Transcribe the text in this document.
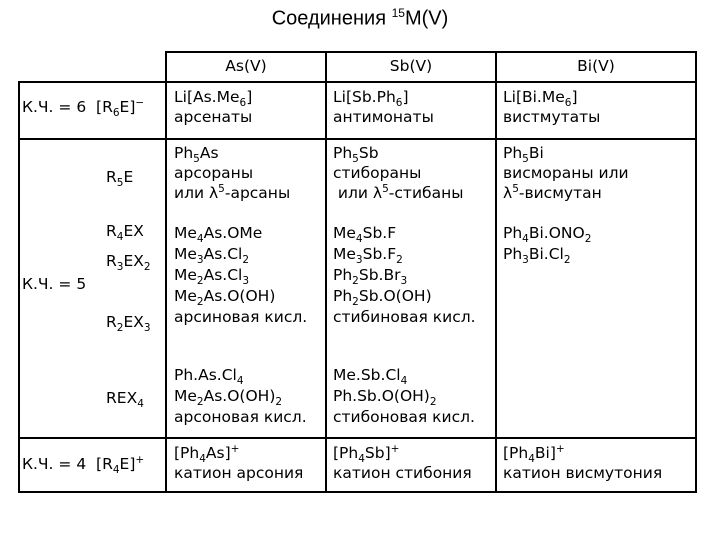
Соединения $^{15}$M(V)
As(V)	Sb(V)	Bi(V)
К.Ч. = 6  $[R_6E]^-$
К.Ч. = 5
К.Ч. = 4  $[R_4E]^+$
$R_5E$
$R_4EX$
$R_3EX_2$
$R_2EX_3$
$REX_4$
$Li[As.Me_6]$
арсенаты
$Ph_5As$
арсораны
или $\lambda^5$-арсаны
$Me_4As.OMe$
$Me_3As.Cl_2$
$Me_2As.Cl_3$
$Me_2As.O(OH)$
арсиновая кисл.
$Ph.As.Cl_4$
$Me_2As.O(OH)_2$
арсоновая кисл.
$[Ph_4As]^+$
катион арсония
$Li[Sb.Ph_6]$
антимонаты
$Ph_5Sb$
стибораны
или $\lambda^5$-стибаны
$Me_4Sb.F$
$Me_3Sb.F_2$
$Ph_2Sb.Br_3$
$Ph_2Sb.O(OH)$
стибиновая кисл.
$Me.Sb.Cl_4$
$Ph.Sb.O(OH)_2$
стибоновая кисл.
$[Ph_4Sb]^+$
катион стибония
$Li[Bi.Me_6]$
вистмутаты
$Ph_5Bi$
висмораны или
$\lambda^5$-висмутан
$Ph_4Bi.ONO_2$
$Ph_3Bi.Cl_2$
$[Ph_4Bi]^+$
катион висмутония
